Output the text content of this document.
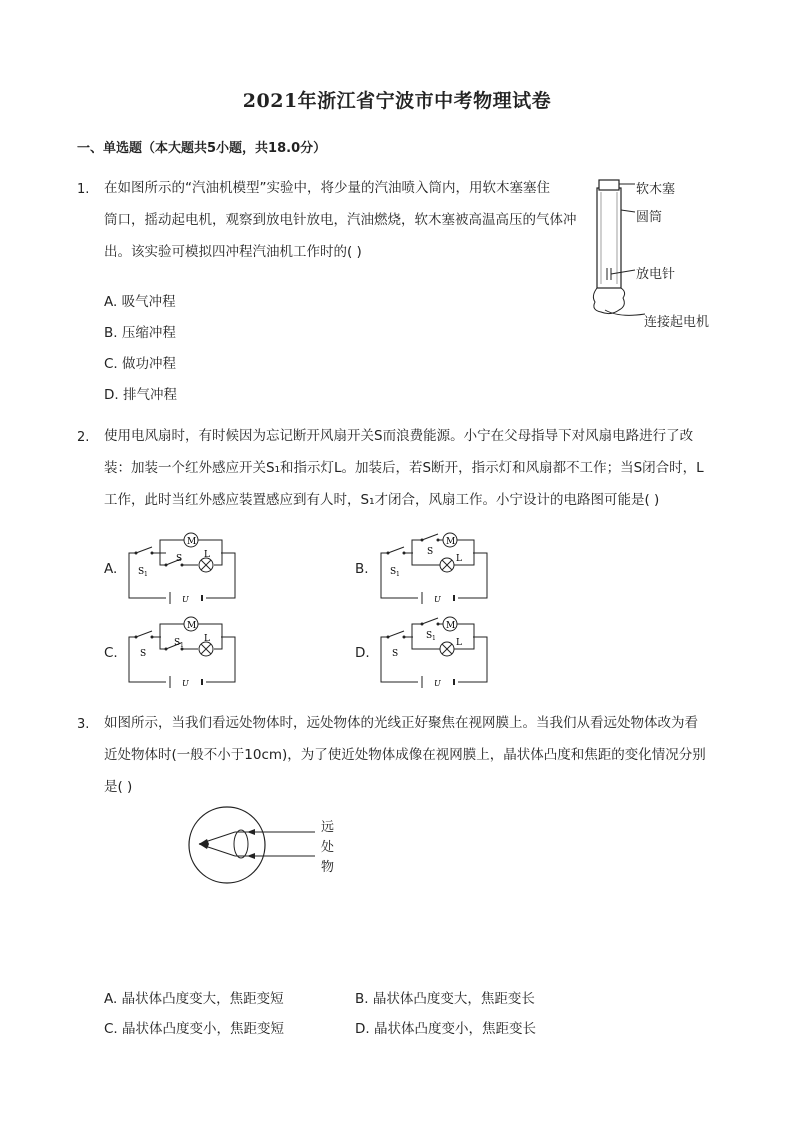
2021年浙江省宁波市中考物理试卷
一、单选题（本大题共5小题，共18.0分）
1. 在如图所示的“汽油机模型”实验中，将少量的汽油喷入筒内，用软木塞塞住
筒口，摇动起电机，观察到放电针放电，汽油燃烧，软木塞被高温高压的气体冲
出。该实验可模拟四冲程汽油机工作时的( )
A. 吸气冲程
B. 压缩冲程
C. 做功冲程
D. 排气冲程
软木塞
圆筒
放电针
连接起电机
2. 使用电风扇时，有时候因为忘记断开风扇开关S而浪费能源。小宁在父母指导下对风扇电路进行了改
装：加装一个红外感应开关S₁和指示灯L。加装后，若S断开，指示灯和风扇都不工作；当S闭合时，L
工作，此时当红外感应装置感应到有人时，S₁才闭合，风扇工作。小宁设计的电路图可能是( )
A.	B.
C.	D.
M
S 1
S L
U
M
S 1
S
L
U
M
S
S 1
L
U
M
S
S 1 L
U
3. 如图所示，当我们看远处物体时，远处物体的光线正好聚焦在视网膜上。当我们从看远处物体改为看
近处物体时(一般不小于10cm)，为了使近处物体成像在视网膜上，晶状体凸度和焦距的变化情况分别
是( )
远
处
物
A. 晶状体凸度变大，焦距变短	B. 晶状体凸度变大，焦距变长
C. 晶状体凸度变小，焦距变短	D. 晶状体凸度变小，焦距变长
